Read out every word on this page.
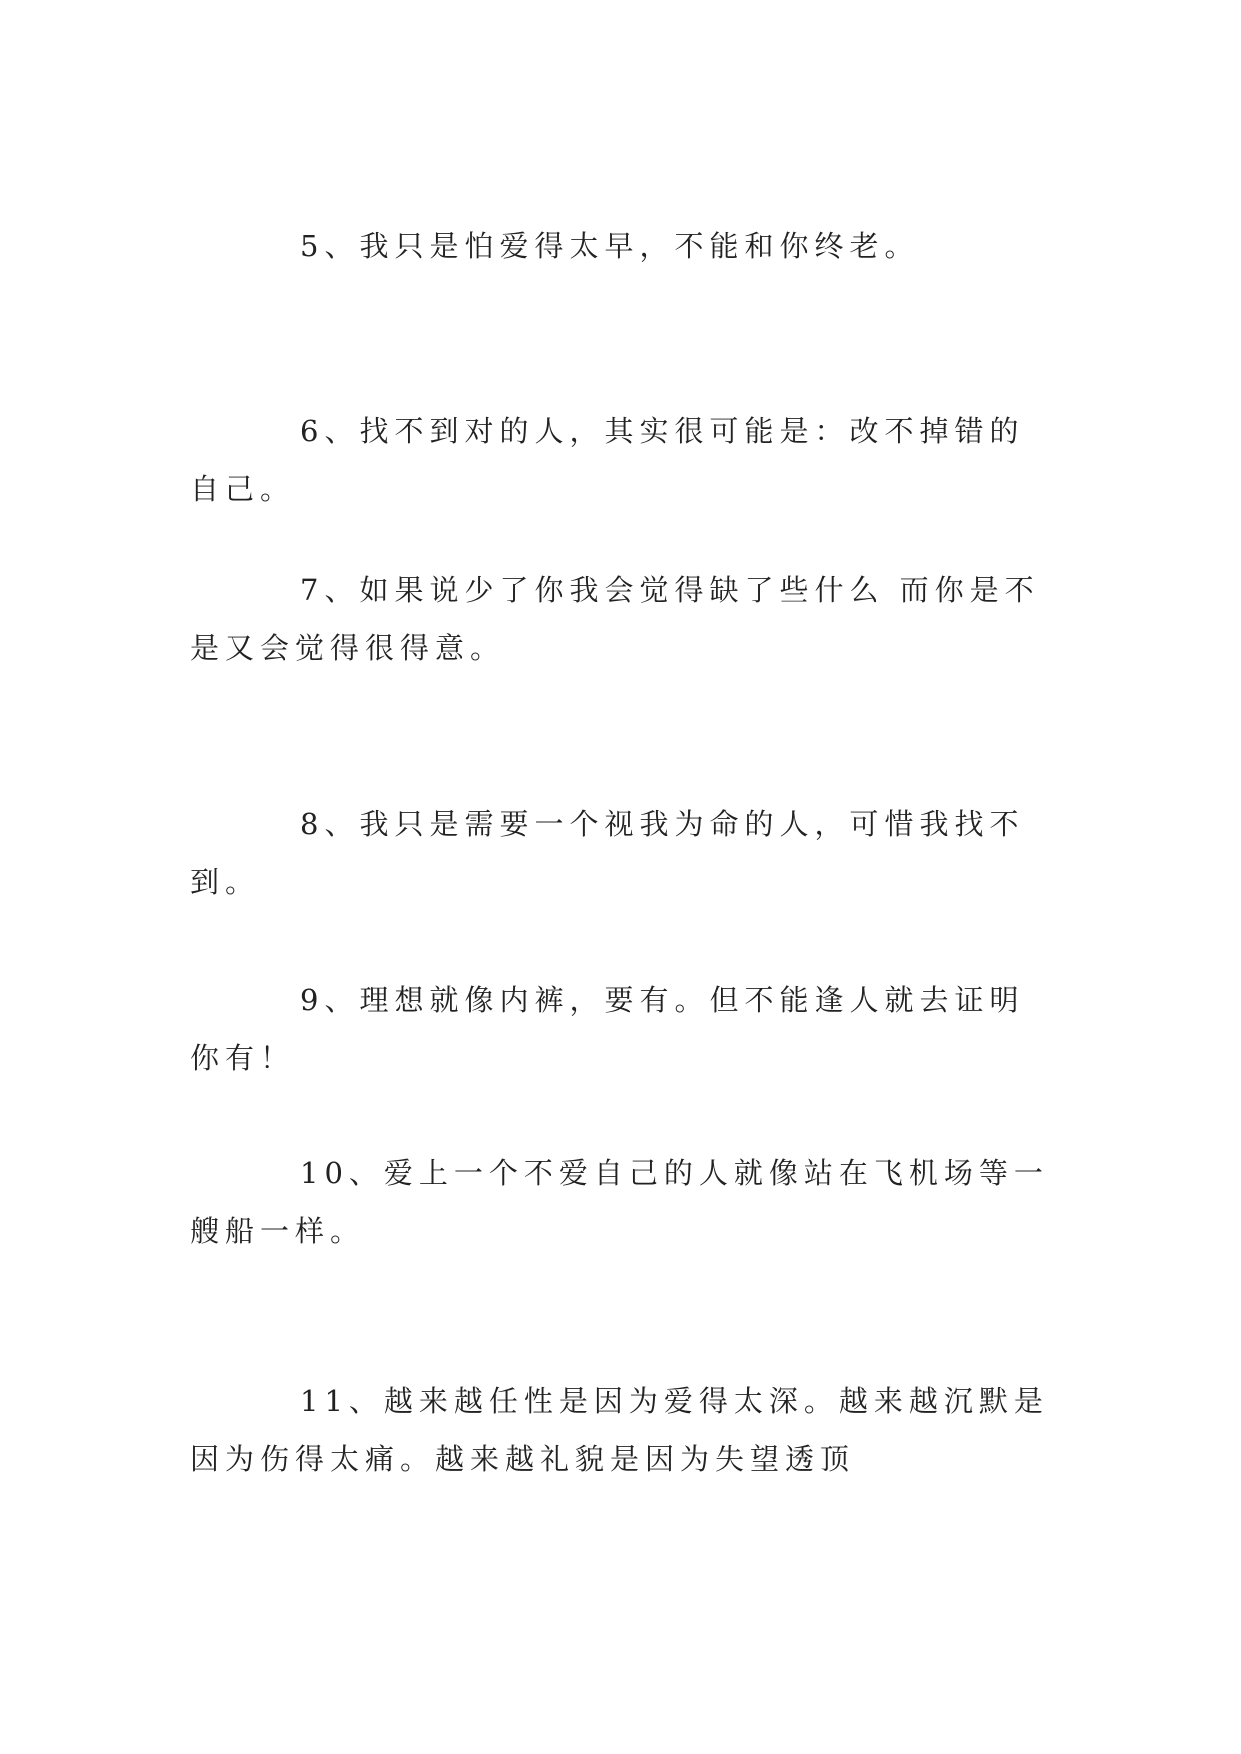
5、我只是怕爱得太早，不能和你终老。

6、找不到对的人，其实很可能是：改不掉错的自己。

7、如果说少了你我会觉得缺了些什么 而你是不是又会觉得很得意。

8、我只是需要一个视我为命的人，可惜我找不到。

9、理想就像内裤，要有。但不能逢人就去证明你有！

10、爱上一个不爱自己的人就像站在飞机场等一艘船一样。

11、越来越任性是因为爱得太深。越来越沉默是因为伤得太痛。越来越礼貌是因为失望透顶
